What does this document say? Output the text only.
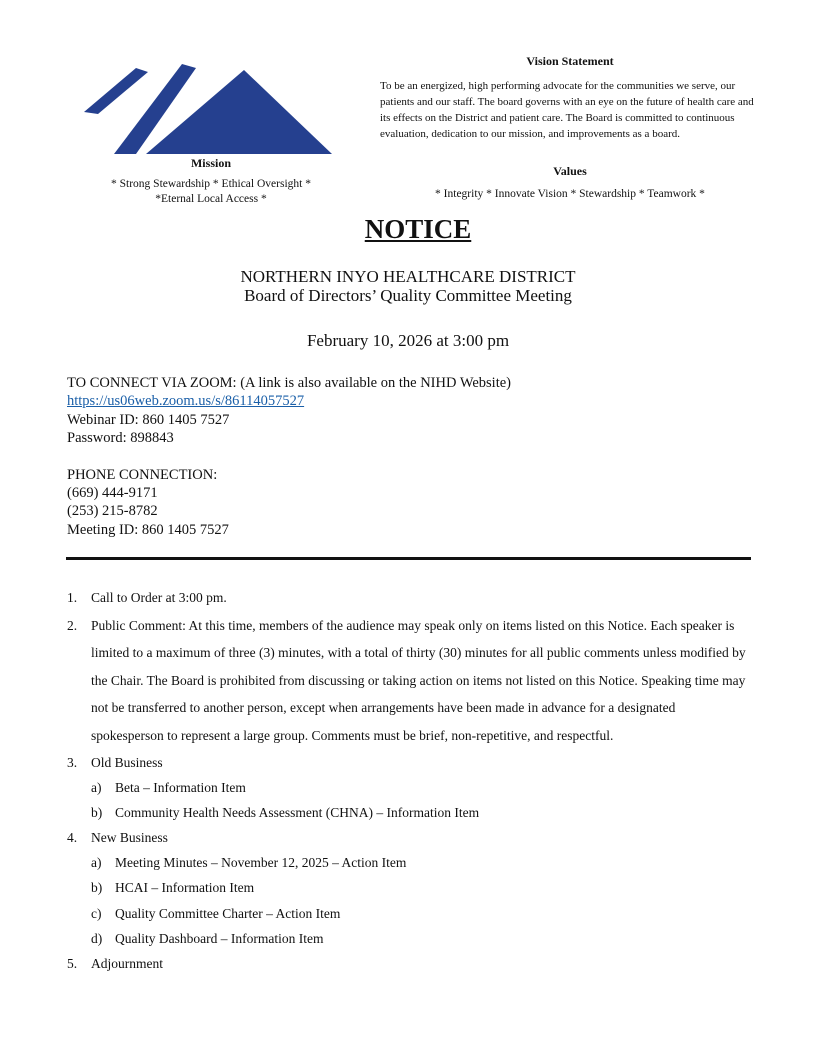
Mission
* Strong Stewardship * Ethical Oversight *
*Eternal Local Access *
Vision Statement
To be an energized, high performing advocate for the communities we serve, our patients and our staff. The board governs with an eye on the future of health care and its effects on the District and patient care. The Board is committed to continuous evaluation, dedication to our mission, and improvements as a board.
Values
* Integrity * Innovate Vision * Stewardship * Teamwork *
NOTICE
NORTHERN INYO HEALTHCARE DISTRICT
Board of Directors’ Quality Committee Meeting
February 10, 2026 at 3:00 pm
TO CONNECT VIA ZOOM: (A link is also available on the NIHD Website)
https://us06web.zoom.us/s/86114057527
Webinar ID: 860 1405 7527
Password: 898843
PHONE CONNECTION:
(669) 444-9171
(253) 215-8782
Meeting ID: 860 1405 7527
1. Call to Order at 3:00 pm.
2. Public Comment: At this time, members of the audience may speak only on items listed on this Notice. Each speaker is limited to a maximum of three (3) minutes, with a total of thirty (30) minutes for all public comments unless modified by the Chair. The Board is prohibited from discussing or taking action on items not listed on this Notice. Speaking time may not be transferred to another person, except when arrangements have been made in advance for a designated spokesperson to represent a large group. Comments must be brief, non-repetitive, and respectful.
3. Old Business
a) Beta – Information Item
b) Community Health Needs Assessment (CHNA) – Information Item
4. New Business
a) Meeting Minutes – November 12, 2025 – Action Item
b) HCAI – Information Item
c) Quality Committee Charter – Action Item
d) Quality Dashboard – Information Item
5. Adjournment
